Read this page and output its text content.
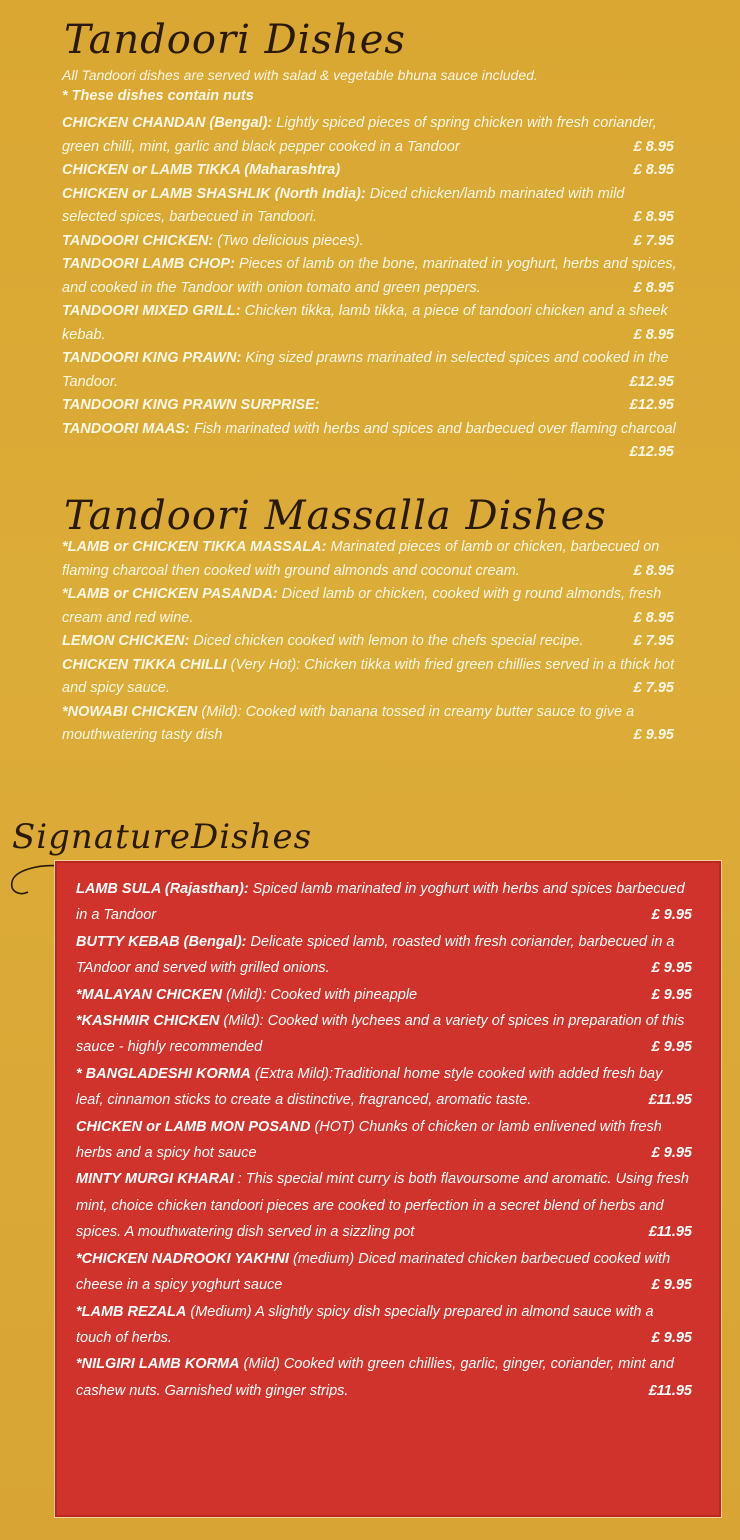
Tandoori Dishes
All Tandoori dishes are served with salad & vegetable bhuna sauce included.
* These dishes contain nuts
CHICKEN CHANDAN (Bengal): Lightly spiced pieces of spring chicken with fresh coriander, green chilli, mint, garlic and black pepper cooked in a Tandoor	£ 8.95
CHICKEN or LAMB TIKKA (Maharashtra)	£ 8.95
CHICKEN or LAMB SHASHLIK (North India): Diced chicken/lamb marinated with mild selected spices, barbecued in Tandoori.	£ 8.95
TANDOORI CHICKEN: (Two delicious pieces).	£ 7.95
TANDOORI LAMB CHOP: Pieces of lamb on the bone, marinated in yoghurt, herbs and spices, and cooked in the Tandoor with onion tomato and green peppers.	£ 8.95
TANDOORI MIXED GRILL: Chicken tikka, lamb tikka, a piece of tandoori chicken and a sheek kebab.	£ 8.95
TANDOORI KING PRAWN: King sized prawns marinated in selected spices and cooked in the Tandoor.	£12.95
TANDOORI KING PRAWN SURPRISE:	£12.95
TANDOORI MAAS: Fish marinated with herbs and spices and barbecued over flaming charcoal
£12.95
Tandoori Massalla Dishes
*LAMB or CHICKEN TIKKA MASSALA: Marinated pieces of lamb or chicken, barbecued on flaming charcoal then cooked with ground almonds and coconut cream.	£ 8.95
*LAMB or CHICKEN PASANDA: Diced lamb or chicken, cooked with g round almonds, fresh cream and red wine.	£ 8.95
LEMON CHICKEN: Diced chicken cooked with lemon to the chefs special recipe.	£ 7.95
CHICKEN TIKKA CHILLI (Very Hot): Chicken tikka with fried green chillies served in a thick hot and spicy sauce.	£ 7.95
*NOWABI CHICKEN (Mild): Cooked with banana tossed in creamy butter sauce to give a mouthwatering tasty dish	£ 9.95
SignatureDishes
LAMB SULA (Rajasthan): Spiced lamb marinated in yoghurt with herbs and spices barbecued in a Tandoor	£ 9.95
BUTTY KEBAB (Bengal): Delicate spiced lamb, roasted with fresh coriander, barbecued in a TAndoor and served with grilled onions.	£ 9.95
*MALAYAN CHICKEN (Mild): Cooked with pineapple	£ 9.95
*KASHMIR CHICKEN (Mild): Cooked with lychees and a variety of spices in preparation of this sauce - highly recommended	£ 9.95
* BANGLADESHI KORMA (Extra Mild):Traditional home style cooked with added fresh bay leaf, cinnamon sticks to create a distinctive, fragranced, aromatic taste.	£11.95
CHICKEN or LAMB MON POSAND (HOT) Chunks of chicken or lamb enlivened with fresh herbs and a spicy hot sauce	£ 9.95
MINTY MURGI KHARAI : This special mint curry is both flavoursome and aromatic. Using fresh mint, choice chicken tandoori pieces are cooked to perfection in a secret blend of herbs and spices. A mouthwatering dish served in a sizzling pot	£11.95
*CHICKEN NADROOKI YAKHNI (medium) Diced marinated chicken barbecued cooked with cheese in a spicy yoghurt sauce	£ 9.95
*LAMB REZALA (Medium) A slightly spicy dish specially prepared in almond sauce with a touch of herbs.	£ 9.95
*NILGIRI LAMB KORMA (Mild) Cooked with green chillies, garlic, ginger, coriander, mint and cashew nuts. Garnished with ginger strips.	£11.95
